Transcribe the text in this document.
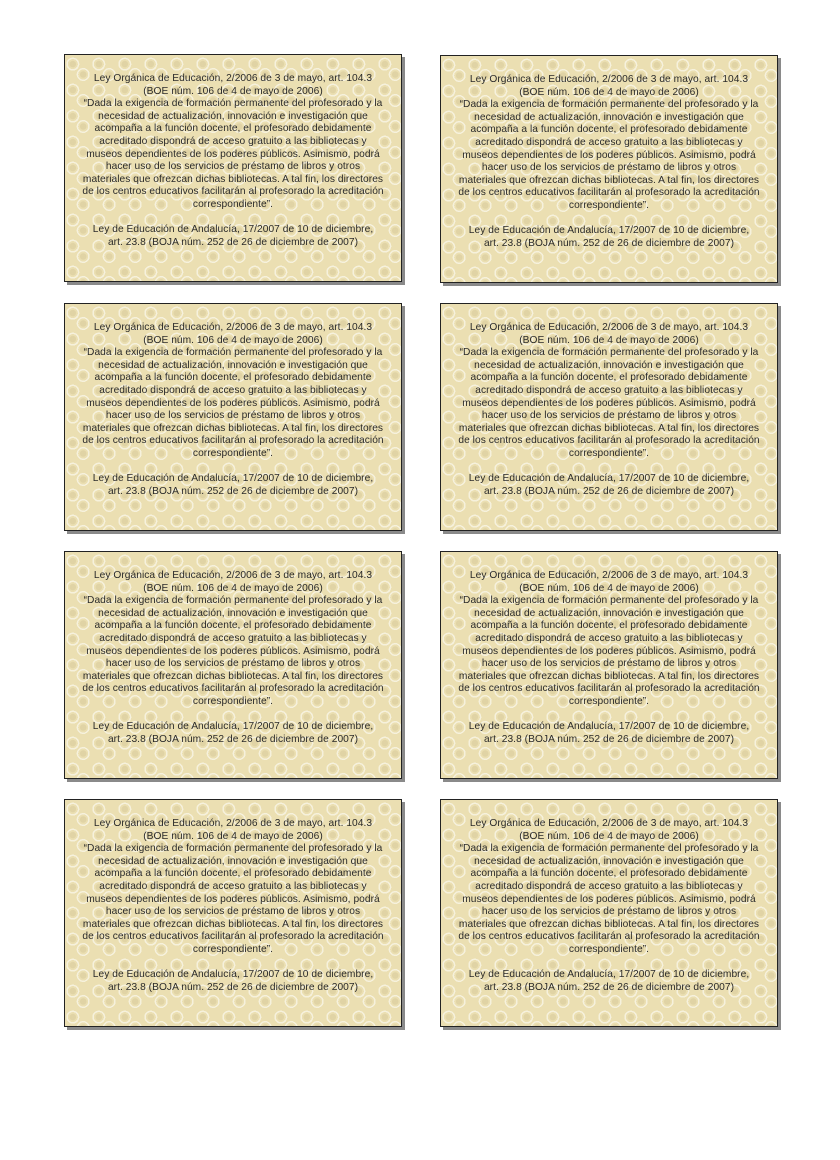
Ley Orgánica de Educación, 2/2006 de 3 de mayo, art. 104.3

(BOE núm. 106 de 4 de mayo de 2006)

“Dada la exigencia de formación permanente del profesorado y la necesidad de actualización, innovación e investigación que acompaña a la función docente, el profesorado debidamente acreditado dispondrá de acceso gratuito a las bibliotecas y museos dependientes de los poderes públicos. Asimismo, podrá hacer uso de los servicios de préstamo de libros y otros materiales que ofrezcan dichas bibliotecas. A tal fin, los directores de los centros educativos facilitarán al profesorado la acreditación correspondiente”.

Ley de Educación de Andalucía, 17/2007 de 10 de diciembre,

art. 23.8 (BOJA núm. 252 de 26 de diciembre de 2007)

Ley Orgánica de Educación, 2/2006 de 3 de mayo, art. 104.3

(BOE núm. 106 de 4 de mayo de 2006)

“Dada la exigencia de formación permanente del profesorado y la necesidad de actualización, innovación e investigación que acompaña a la función docente, el profesorado debidamente acreditado dispondrá de acceso gratuito a las bibliotecas y museos dependientes de los poderes públicos. Asimismo, podrá hacer uso de los servicios de préstamo de libros y otros materiales que ofrezcan dichas bibliotecas. A tal fin, los directores de los centros educativos facilitarán al profesorado la acreditación correspondiente”.

Ley de Educación de Andalucía, 17/2007 de 10 de diciembre,

art. 23.8 (BOJA núm. 252 de 26 de diciembre de 2007)

Ley Orgánica de Educación, 2/2006 de 3 de mayo, art. 104.3

(BOE núm. 106 de 4 de mayo de 2006)

“Dada la exigencia de formación permanente del profesorado y la necesidad de actualización, innovación e investigación que acompaña a la función docente, el profesorado debidamente acreditado dispondrá de acceso gratuito a las bibliotecas y museos dependientes de los poderes públicos. Asimismo, podrá hacer uso de los servicios de préstamo de libros y otros materiales que ofrezcan dichas bibliotecas. A tal fin, los directores de los centros educativos facilitarán al profesorado la acreditación correspondiente”.

Ley de Educación de Andalucía, 17/2007 de 10 de diciembre,

art. 23.8 (BOJA núm. 252 de 26 de diciembre de 2007)

Ley Orgánica de Educación, 2/2006 de 3 de mayo, art. 104.3

(BOE núm. 106 de 4 de mayo de 2006)

“Dada la exigencia de formación permanente del profesorado y la necesidad de actualización, innovación e investigación que acompaña a la función docente, el profesorado debidamente acreditado dispondrá de acceso gratuito a las bibliotecas y museos dependientes de los poderes públicos. Asimismo, podrá hacer uso de los servicios de préstamo de libros y otros materiales que ofrezcan dichas bibliotecas. A tal fin, los directores de los centros educativos facilitarán al profesorado la acreditación correspondiente”.

Ley de Educación de Andalucía, 17/2007 de 10 de diciembre,

art. 23.8 (BOJA núm. 252 de 26 de diciembre de 2007)

Ley Orgánica de Educación, 2/2006 de 3 de mayo, art. 104.3

(BOE núm. 106 de 4 de mayo de 2006)

“Dada la exigencia de formación permanente del profesorado y la necesidad de actualización, innovación e investigación que acompaña a la función docente, el profesorado debidamente acreditado dispondrá de acceso gratuito a las bibliotecas y museos dependientes de los poderes públicos. Asimismo, podrá hacer uso de los servicios de préstamo de libros y otros materiales que ofrezcan dichas bibliotecas. A tal fin, los directores de los centros educativos facilitarán al profesorado la acreditación correspondiente”.

Ley de Educación de Andalucía, 17/2007 de 10 de diciembre,

art. 23.8 (BOJA núm. 252 de 26 de diciembre de 2007)

Ley Orgánica de Educación, 2/2006 de 3 de mayo, art. 104.3

(BOE núm. 106 de 4 de mayo de 2006)

“Dada la exigencia de formación permanente del profesorado y la necesidad de actualización, innovación e investigación que acompaña a la función docente, el profesorado debidamente acreditado dispondrá de acceso gratuito a las bibliotecas y museos dependientes de los poderes públicos. Asimismo, podrá hacer uso de los servicios de préstamo de libros y otros materiales que ofrezcan dichas bibliotecas. A tal fin, los directores de los centros educativos facilitarán al profesorado la acreditación correspondiente”.

Ley de Educación de Andalucía, 17/2007 de 10 de diciembre,

art. 23.8 (BOJA núm. 252 de 26 de diciembre de 2007)

Ley Orgánica de Educación, 2/2006 de 3 de mayo, art. 104.3

(BOE núm. 106 de 4 de mayo de 2006)

“Dada la exigencia de formación permanente del profesorado y la necesidad de actualización, innovación e investigación que acompaña a la función docente, el profesorado debidamente acreditado dispondrá de acceso gratuito a las bibliotecas y museos dependientes de los poderes públicos. Asimismo, podrá hacer uso de los servicios de préstamo de libros y otros materiales que ofrezcan dichas bibliotecas. A tal fin, los directores de los centros educativos facilitarán al profesorado la acreditación correspondiente”.

Ley de Educación de Andalucía, 17/2007 de 10 de diciembre,

art. 23.8 (BOJA núm. 252 de 26 de diciembre de 2007)

Ley Orgánica de Educación, 2/2006 de 3 de mayo, art. 104.3

(BOE núm. 106 de 4 de mayo de 2006)

“Dada la exigencia de formación permanente del profesorado y la necesidad de actualización, innovación e investigación que acompaña a la función docente, el profesorado debidamente acreditado dispondrá de acceso gratuito a las bibliotecas y museos dependientes de los poderes públicos. Asimismo, podrá hacer uso de los servicios de préstamo de libros y otros materiales que ofrezcan dichas bibliotecas. A tal fin, los directores de los centros educativos facilitarán al profesorado la acreditación correspondiente”.

Ley de Educación de Andalucía, 17/2007 de 10 de diciembre,

art. 23.8 (BOJA núm. 252 de 26 de diciembre de 2007)
